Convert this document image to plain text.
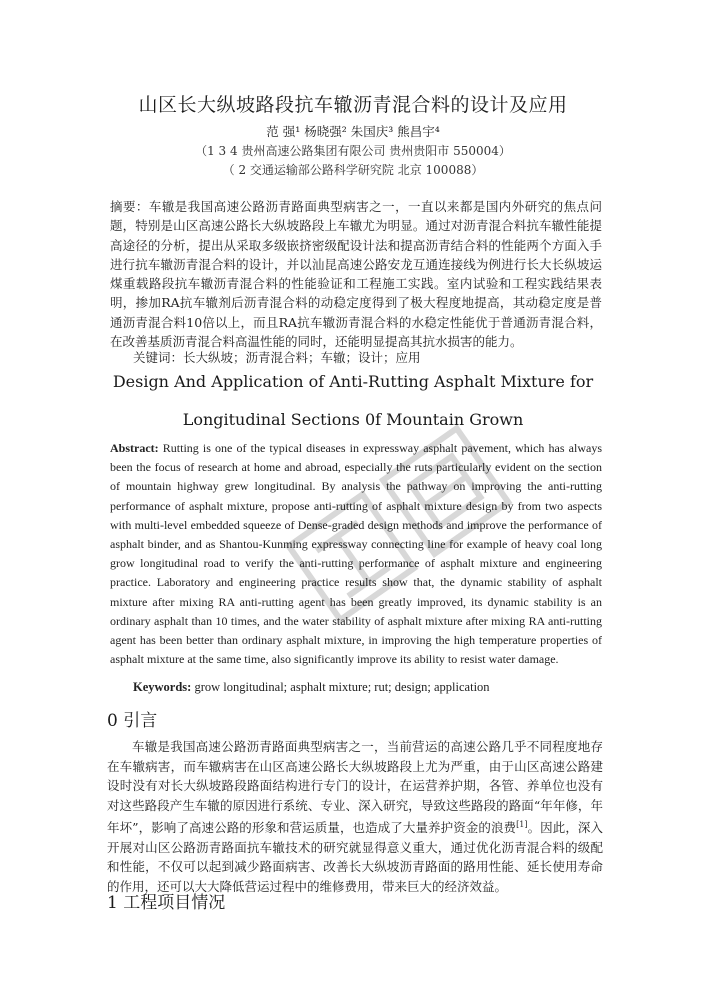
山区长大纵坡路段抗车辙沥青混合料的设计及应用
范 强¹ 杨晓强² 朱国庆³ 熊昌宇⁴
（1 3 4 贵州高速公路集团有限公司 贵州贵阳市 550004）
（ 2 交通运输部公路科学研究院 北京 100088）
摘要：车辙是我国高速公路沥青路面典型病害之一，一直以来都是国内外研究的焦点问题，特别是山区高速公路长大纵坡路段上车辙尤为明显。通过对沥青混合料抗车辙性能提高途径的分析，提出从采取多级嵌挤密级配设计法和提高沥青结合料的性能两个方面入手进行抗车辙沥青混合料的设计，并以汕昆高速公路安龙互通连接线为例进行长大长纵坡运煤重载路段抗车辙沥青混合料的性能验证和工程施工实践。室内试验和工程实践结果表明，掺加RA抗车辙剂后沥青混合料的动稳定度得到了极大程度地提高，其动稳定度是普通沥青混合料10倍以上，而且RA抗车辙沥青混合料的水稳定性能优于普通沥青混合料，在改善基质沥青混合料高温性能的同时，还能明显提高其抗水损害的能力。
关键词：长大纵坡；沥青混合料；车辙；设计；应用
Design And Application of Anti-Rutting Asphalt Mixture for
Longitudinal Sections 0f Mountain Grown
Abstract: Rutting is one of the typical diseases in expressway asphalt pavement, which has always been the focus of research at home and abroad, especially the ruts particularly evident on the section of mountain highway grew longitudinal. By analysis the pathway on improving the anti-rutting performance of asphalt mixture, propose anti-rutting of asphalt mixture design by from two aspects with multi-level embedded squeeze of Dense-graded design methods and improve the performance of asphalt binder, and as Shantou-Kunming expressway connecting line for example of heavy coal long grow longitudinal road to verify the anti-rutting performance of asphalt mixture and engineering practice. Laboratory and engineering practice results show that, the dynamic stability of asphalt mixture after mixing RA anti-rutting agent has been greatly improved, its dynamic stability is an ordinary asphalt than 10 times, and the water stability of asphalt mixture after mixing RA anti-rutting agent has been better than ordinary asphalt mixture, in improving the high temperature properties of asphalt mixture at the same time, also significantly improve its ability to resist water damage.
Keywords: grow longitudinal; asphalt mixture; rut; design; application
0 引言
车辙是我国高速公路沥青路面典型病害之一，当前营运的高速公路几乎不同程度地存在车辙病害，而车辙病害在山区高速公路长大纵坡路段上尤为严重，由于山区高速公路建设时没有对长大纵坡路段路面结构进行专门的设计，在运营养护期，各管、养单位也没有对这些路段产生车辙的原因进行系统、专业、深入研究，导致这些路段的路面“年年修，年年坏”，影响了高速公路的形象和营运质量，也造成了大量养护资金的浪费[1]。因此，深入开展对山区公路沥青路面抗车辙技术的研究就显得意义重大，通过优化沥青混合料的级配和性能，不仅可以起到减少路面病害、改善长大纵坡沥青路面的路用性能、延长使用寿命的作用，还可以大大降低营运过程中的维修费用，带来巨大的经济效益。
1 工程项目情况
